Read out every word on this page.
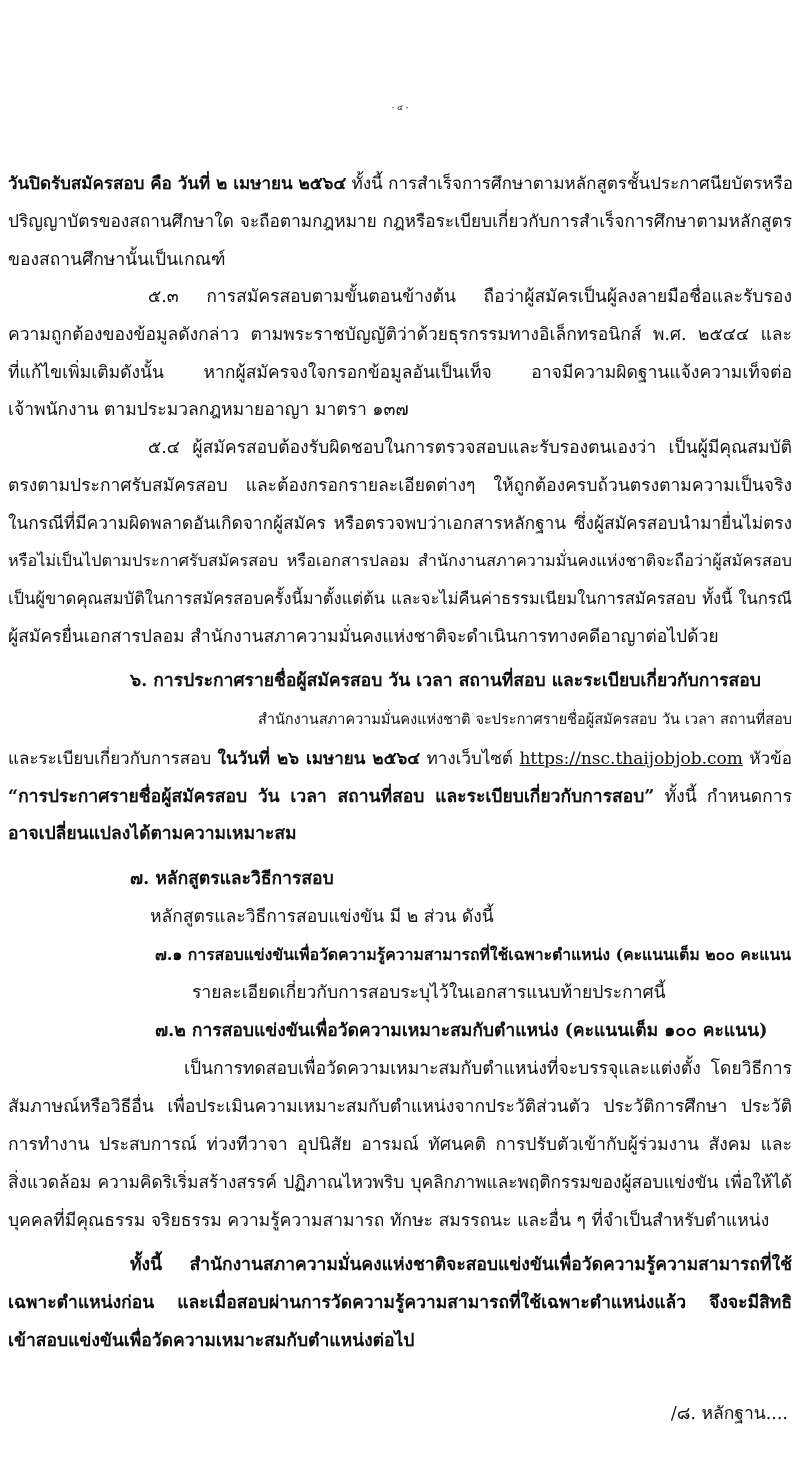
- ๔ -
วันปิดรับสมัครสอบ คือ วันที่ ๒ เมษายน ๒๕๖๔ ทั้งนี้ การสำเร็จการศึกษาตามหลักสูตรชั้นประกาศนียบัตรหรือ
ปริญญาบัตรของสถานศึกษาใด จะถือตามกฎหมาย กฎหรือระเบียบเกี่ยวกับการสำเร็จการศึกษาตามหลักสูตร
ของสถานศึกษานั้นเป็นเกณฑ์
๕.๓ การสมัครสอบตามขั้นตอนข้างต้น ถือว่าผู้สมัครเป็นผู้ลงลายมือชื่อและรับรอง
ความถูกต้องของข้อมูลดังกล่าว ตามพระราชบัญญัติว่าด้วยธุรกรรมทางอิเล็กทรอนิกส์ พ.ศ. ๒๕๔๔ และ
ที่แก้ไขเพิ่มเติมดังนั้น หากผู้สมัครจงใจกรอกข้อมูลอันเป็นเท็จ อาจมีความผิดฐานแจ้งความเท็จต่อ
เจ้าพนักงาน ตามประมวลกฎหมายอาญา มาตรา ๑๓๗
๕.๔ ผู้สมัครสอบต้องรับผิดชอบในการตรวจสอบและรับรองตนเองว่า เป็นผู้มีคุณสมบัติ
ตรงตามประกาศรับสมัครสอบ และต้องกรอกรายละเอียดต่างๆ ให้ถูกต้องครบถ้วนตรงตามความเป็นจริง
ในกรณีที่มีความผิดพลาดอันเกิดจากผู้สมัคร หรือตรวจพบว่าเอกสารหลักฐาน ซึ่งผู้สมัครสอบนำมายื่นไม่ตรง
หรือไม่เป็นไปตามประกาศรับสมัครสอบ หรือเอกสารปลอม สำนักงานสภาความมั่นคงแห่งชาติจะถือว่าผู้สมัครสอบ
เป็นผู้ขาดคุณสมบัติในการสมัครสอบครั้งนี้มาตั้งแต่ต้น และจะไม่คืนค่าธรรมเนียมในการสมัครสอบ ทั้งนี้ ในกรณี
ผู้สมัครยื่นเอกสารปลอม สำนักงานสภาความมั่นคงแห่งชาติจะดำเนินการทางคดีอาญาต่อไปด้วย
๖. การประกาศรายชื่อผู้สมัครสอบ วัน เวลา สถานที่สอบ และระเบียบเกี่ยวกับการสอบ
สำนักงานสภาความมั่นคงแห่งชาติ จะประกาศรายชื่อผู้สมัครสอบ วัน เวลา สถานที่สอบ
และระเบียบเกี่ยวกับการสอบ ในวันที่ ๒๖ เมษายน ๒๕๖๔ ทางเว็บไซต์ https://nsc.thaijobjob.com หัวข้อ
“การประกาศรายชื่อผู้สมัครสอบ วัน เวลา สถานที่สอบ และระเบียบเกี่ยวกับการสอบ” ทั้งนี้ กำหนดการ
อาจเปลี่ยนแปลงได้ตามความเหมาะสม
๗. หลักสูตรและวิธีการสอบ
หลักสูตรและวิธีการสอบแข่งขัน มี ๒ ส่วน ดังนี้
๗.๑ การสอบแข่งขันเพื่อวัดความรู้ความสามารถที่ใช้เฉพาะตำแหน่ง (คะแนนเต็ม ๒๐๐ คะแนน
รายละเอียดเกี่ยวกับการสอบระบุไว้ในเอกสารแนบท้ายประกาศนี้
๗.๒ การสอบแข่งขันเพื่อวัดความเหมาะสมกับตำแหน่ง (คะแนนเต็ม ๑๐๐ คะแนน)
เป็นการทดสอบเพื่อวัดความเหมาะสมกับตำแหน่งที่จะบรรจุและแต่งตั้ง โดยวิธีการ
สัมภาษณ์หรือวิธีอื่น เพื่อประเมินความเหมาะสมกับตำแหน่งจากประวัติส่วนตัว ประวัติการศึกษา ประวัติ
การทำงาน ประสบการณ์ ท่วงทีวาจา อุปนิสัย อารมณ์ ทัศนคติ การปรับตัวเข้ากับผู้ร่วมงาน สังคม และ
สิ่งแวดล้อม ความคิดริเริ่มสร้างสรรค์ ปฏิภาณไหวพริบ บุคลิกภาพและพฤติกรรมของผู้สอบแข่งขัน เพื่อให้ได้
บุคคลที่มีคุณธรรม จริยธรรม ความรู้ความสามารถ ทักษะ สมรรถนะ และอื่น ๆ ที่จำเป็นสำหรับตำแหน่ง
ทั้งนี้ สำนักงานสภาความมั่นคงแห่งชาติจะสอบแข่งขันเพื่อวัดความรู้ความสามารถที่ใช้
เฉพาะตำแหน่งก่อน และเมื่อสอบผ่านการวัดความรู้ความสามารถที่ใช้เฉพาะตำแหน่งแล้ว จึงจะมีสิทธิ
เข้าสอบแข่งขันเพื่อวัดความเหมาะสมกับตำแหน่งต่อไป
/๘. หลักฐาน....
